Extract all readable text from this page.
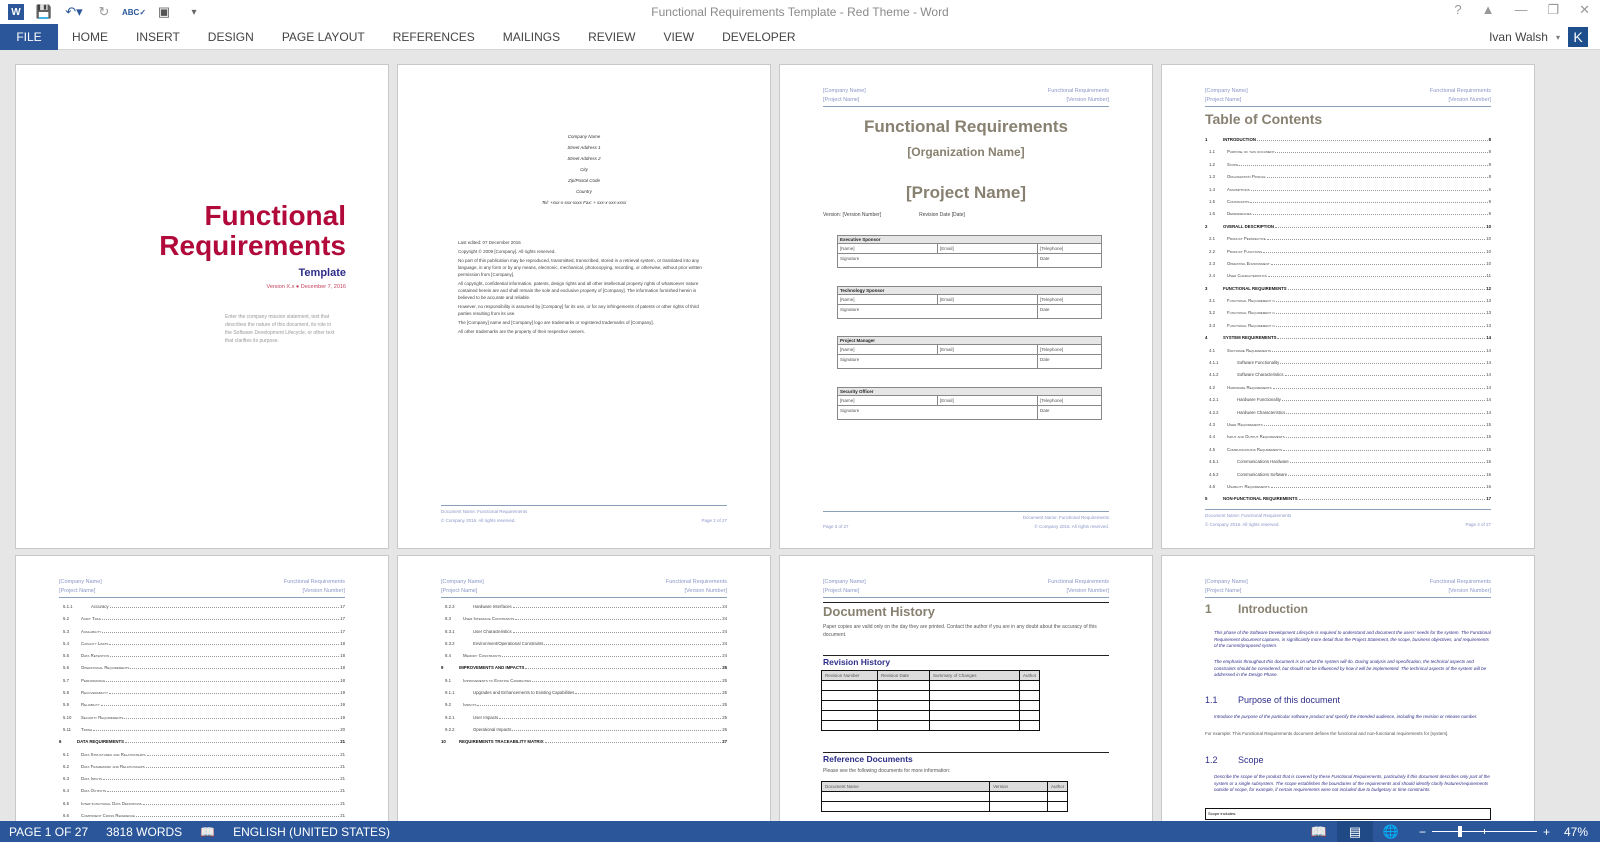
W 💾 ↶▾	↻	ABC✓ ▣	▾	Functional Requirements Template - Red Theme - Word	? ▲ — ❐ ✕
FILE	HOME	INSERT	DESIGN	PAGE LAYOUT	REFERENCES	MAILINGS	REVIEW	VIEW	DEVELOPER	Ivan Walsh ▾ K
Functional
Requirements
Template
Version X.x ● December 7, 2016
Enter the company mission statement, text that describes the nature of this document, its role in the Software Development Lifecycle, or other text that clarifies its purpose.
Company Name
Street Address 1
Street Address 2
City
Zip/Postal Code
Country
Tel: +xxx-x-xxx-xxxx Fax: + xxx-x-xxx-xxxx

Last edited: 07 December 2016

Copyright © 2009 [Company]. All rights reserved.

No part of this publication may be reproduced, transmitted, transcribed, stored in a retrieval system, or translated into any language, in any form or by any means, electronic, mechanical, photocopying, recording, or otherwise, without prior written permission from [Company].

All copyright, confidential information, patents, design rights and all other intellectual property rights of whatsoever nature contained herein are and shall remain the sole and exclusive property of [Company]. The information furnished herein is believed to be accurate and reliable.

However, no responsibility is assumed by [Company] for its use, or for any infringements of patents or other rights of third parties resulting from its use.

The [Company] name and [Company] logo are trademarks or registered trademarks of [Company].

All other trademarks are the property of their respective owners.

Document Name: Functional Requirements
© Company 2016. All rights reserved.	Page 2 of 27
[Company Name]
[Project Name]
Functional Requirements
[Version Number]
Functional Requirements
[Organization Name]
[Project Name]
Version: [Version Number]	Revision Date [Date]
Executive Sponsor
[Name]	[Email]	[Telephone]
Signature	Date
Technology Sponsor
[Name]	[Email]	[Telephone]
Signature	Date
Project Manager
[Name]	[Email]	[Telephone]
Signature	Date
Security Officer
[Name]	[Email]	[Telephone]
Signature	Date
Document Name: Functional Requirements
Page 3 of 27	© Company 2016. All rights reserved.
[Company Name]
[Project Name]
Functional Requirements
[Version Number]
Table of Contents
1	INTRODUCTION	8
1.1	Purpose of this document	8
1.2	Scope	8
1.3	Organization Profile	8
1.4	Assumptions	9
1.5	Constraints	9
1.6	Dependencies	9
2	OVERALL DESCRIPTION	10
2.1	Product Perspective	10
2.2	Product Functions	10
2.3	Operating Environment	10
2.4	User Characteristics	11
3	FUNCTIONAL REQUIREMENTS	12
3.1	Functional Requirement n	13
3.2	Functional Requirement n	13
3.3	Functional Requirement n	13
4	SYSTEM REQUIREMENTS	14
4.1	Software Requirements	14
4.1.1	Software Functionality	14
4.1.2	Software Characteristics	14
4.2	Hardware Requirements	14
4.2.1	Hardware Functionality	14
4.2.2	Hardware Characteristics	14
4.3	User Requirements	15
4.4	Input and Output Requirements	15
4.5	Communications Requirements	15
4.5.1	Communications Hardware	16
4.5.2	Communications Software	16
4.6	Usability Requirements	16
5	NON-FUNCTIONAL REQUIREMENTS	17
Document Name: Functional Requirements
© Company 2016. All rights reserved.	Page 4 of 27
[Company Name]
[Project Name]
Functional Requirements
[Version Number]
5.1.1	Accuracy	17
5.2	Audit Trail	17
5.3	Availability	17
5.4	Capacity Limits	18
5.5	Data Retention	18
5.6	Operational Requirements	18
5.7	Performance	18
5.8	Recoverability	19
5.9	Reliability	19
5.10	Security Requirements	19
5.11	Timing	20
6	DATA REQUIREMENTS	21
6.1	Data Structures and Relationships	21
6.2	Data Framework and Relationships	21
6.3	Data Inputs	21
6.4	Data Outputs	21
6.5	Inter-functional Data Definitions	21
6.6	Component Cross Reference	21
[Company Name]
[Project Name]
Functional Requirements
[Version Number]
8.2.3	Hardware Interfaces	24
8.3	User Interface Constraints	24
8.3.1	User Characteristics	24
8.3.2	Environment/Operational Constraints	24
8.4	Memory Constraints	24
9	IMPROVEMENTS AND IMPACTS	25
9.1	Improvements to Existing Capabilities	25
9.1.1	Upgrades and Enhancements to Existing Capabilities	25
9.2	Impacts	25
9.2.1	User Impacts	25
9.2.2	Operational Impacts	26
10	REQUIREMENTS TRACEABILITY MATRIX	27
[Company Name]
[Project Name]
Functional Requirements
[Version Number]
Document History
Paper copies are valid only on the day they are printed. Contact the author if you are in any doubt about the accuracy of this document.
Revision History
Revision Number	Revision Date	Summary of Changes	Author

Reference Documents
Please see the following documents for more information:
Document Name	Version	Author

[Company Name]
[Project Name]
Functional Requirements
[Version Number]
1 Introduction
This phase of the Software Development Lifecycle is required to understand and document the users' needs for the system. The Functional Requirement document captures, in significantly more detail than the Project Statement, the scope, business objectives, and requirements of the current/proposed system.
The emphasis throughout this document is on what the system will do. During analysis and specification, the technical aspects and constraints should be considered, but should not be influenced by how it will be implemented. The technical aspects of the system will be addressed in the Design Phase.
1.1 Purpose of this document
Introduce the purpose of the particular software product and specify the intended audience, including the revision or release number.
For example: This Functional Requirements document defines the functional and non-functional requirements for [system].
1.2 Scope
Describe the scope of the product that is covered by these Functional Requirements, particularly if this document describes only part of the system or a single subsystem. The scope establishes the boundaries of the requirements and should identify clarify features/requirements outside of scope, for example, if certain requirements were not included due to budgetary or time constraints.
Scope includes:
PAGE 1 OF 27	3818 WORDS	📖	ENGLISH (UNITED STATES)	📖	▤	🌐	−	+	47%
